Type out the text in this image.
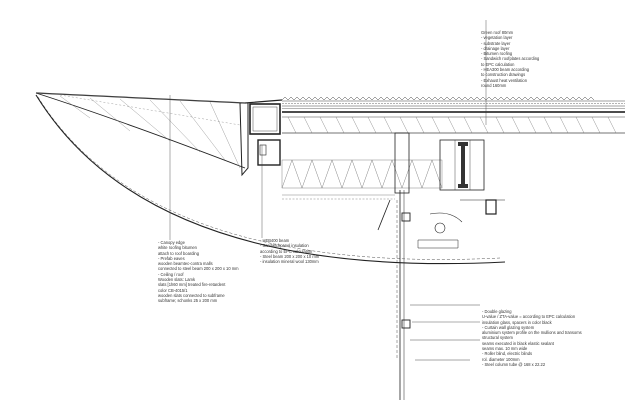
Green roof 80mm
- vegetation layer
- substrate layer
- drainage layer
- Bitumen roofing
- Sandwich roofplates according
to EPC calculation
- HEA300 beam according
to construction drawings
- Exhaust heat ventilation
round 160mm
- Canopy edge
white roofing bitumen
attach to roof boarding
- Prefab eaves
wooden beamtec-contra malls
connected to steel beam 200 x 200 x 10 mm
- Ceiling / roof
Wooden slats: Lamk
slats [1h60 mm] treated fire-retardent
color CB-4015/1
wooden slats connected to subframe
subframe; schonks 25 x 200 mm
- HEB400 beam
- Sandwichpanel insulation
according to EPC calculation
- Steel beam 200 x 200 x 10 mm
- insulation mineral wool 130mm
- Double glazing
U-value / ZTA-value = according to EPC calculation
insulation glass, spacers in color black
- Curtain wall glazing system
aluminium system profile on the mullions and transoms
structural system
seams executed in black elastic sealant
seams max. 10 mm wide
- Roller blind, electric blinds
rol. diameter 100mm
- Steel column tube @ 168 x 22.22
